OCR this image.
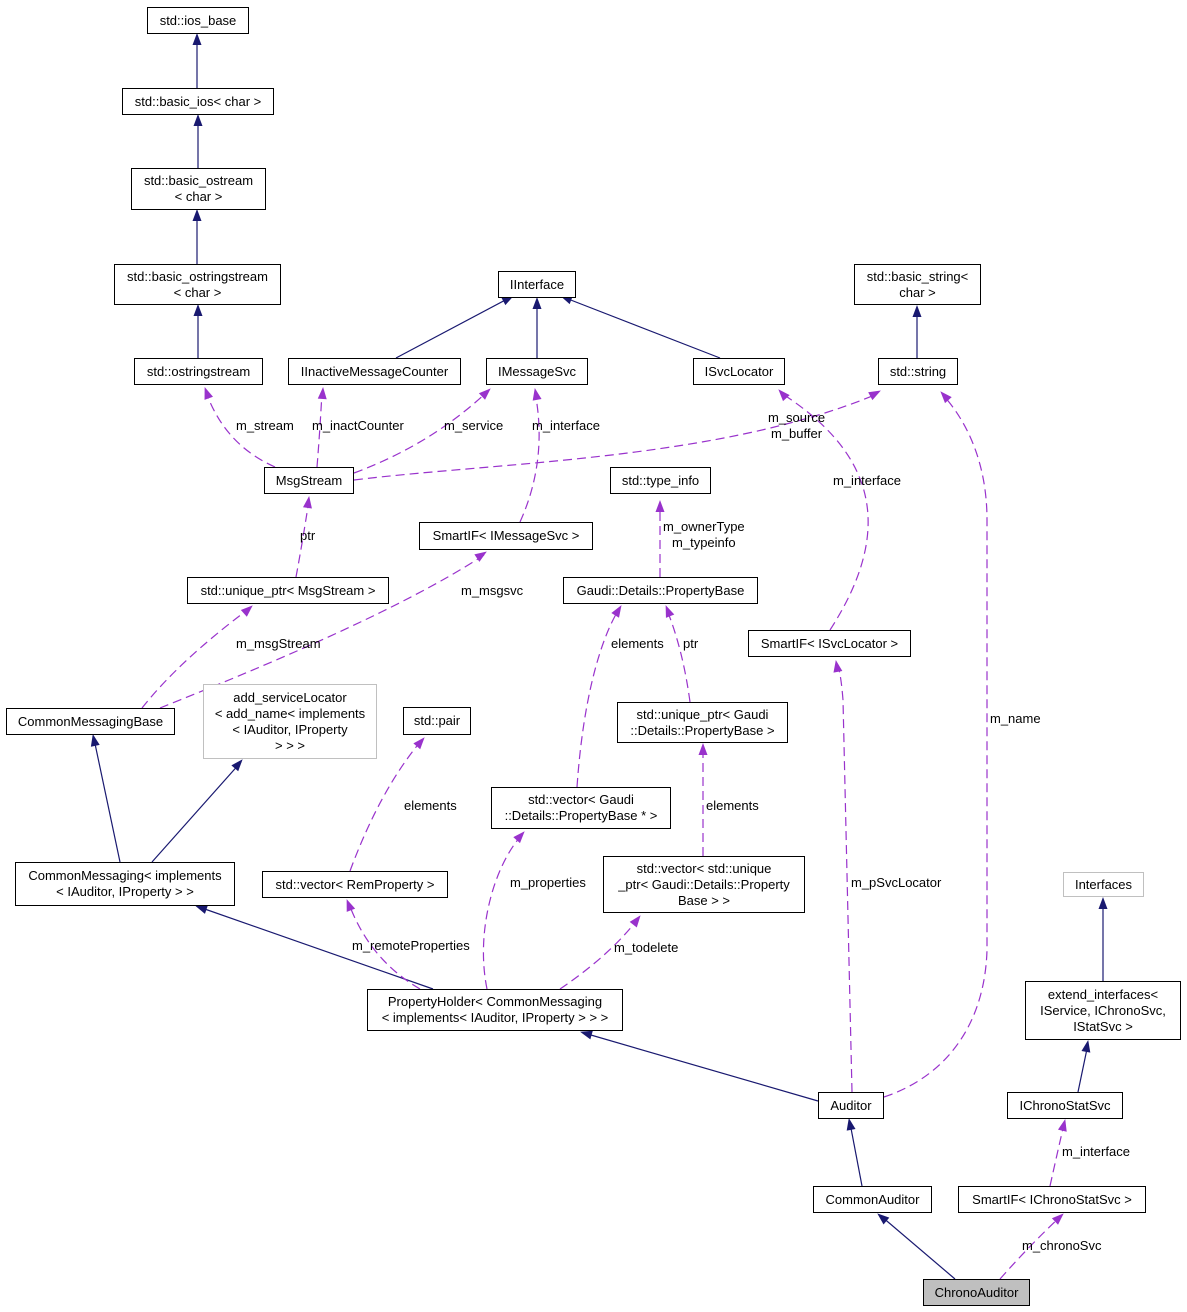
std::ios_base
std::basic_ios< char >
std::basic_ostream
< char >
std::basic_ostringstream
< char >
IInterface
std::basic_string<
char >
std::ostringstream	IInactiveMessageCounter	IMessageSvc	ISvcLocator	std::string
MsgStream	std::type_info
SmartIF< IMessageSvc >
std::unique_ptr< MsgStream >	Gaudi::Details::PropertyBase
SmartIF< ISvcLocator >
CommonMessagingBase
add_serviceLocator
< add_name< implements
< IAuditor, IProperty
> > >
std::pair	std::unique_ptr< Gaudi
::Details::PropertyBase >
std::vector< Gaudi
::Details::PropertyBase * >
std::vector< std::unique
_ptr< Gaudi::Details::Property
Base > >
CommonMessaging< implements
< IAuditor, IProperty > >	std::vector< RemProperty >
PropertyHolder< CommonMessaging
< implements< IAuditor, IProperty > > >
Interfaces
extend_interfaces<
IService, IChronoSvc,
IStatSvc >
Auditor	IChronoStatSvc
CommonAuditor	SmartIF< IChronoStatSvc >
ChronoAuditor
m_stream m_inactCounter	m_service m_interface
m_source
m_buffer
m_interface
ptr
m_ownerType
m_typeinfo
m_msgsvc
m_msgStream	elements ptr
m_name
elements	elements
m_properties	m_pSvcLocator
m_remoteProperties	m_todelete
m_interface
m_chronoSvc
